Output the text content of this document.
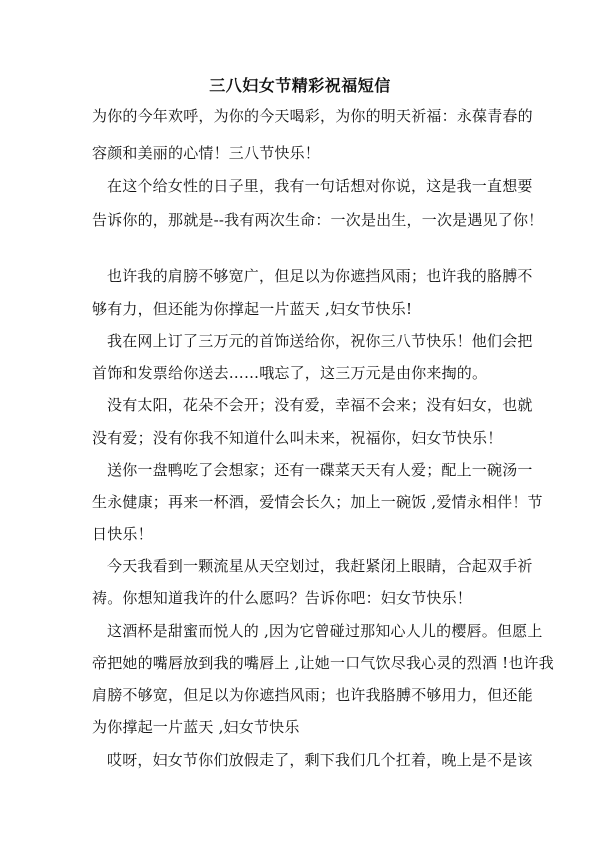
三八妇女节精彩祝福短信
为你的今年欢呼，为你的今天喝彩，为你的明天祈福：永葆青春的
容颜和美丽的心情！三八节快乐！
在这个给女性的日子里，我有一句话想对你说，这是我一直想要
告诉你的，那就是--我有两次生命：一次是出生，一次是遇见了你！
也许我的肩膀不够宽广，但足以为你遮挡风雨；也许我的胳膊不
够有力，但还能为你撑起一片蓝天 ,妇女节快乐!
我在网上订了三万元的首饰送给你，祝你三八节快乐！他们会把
首饰和发票给你送去……哦忘了，这三万元是由你来掏的。
没有太阳，花朵不会开；没有爱，幸福不会来；没有妇女，也就
没有爱；没有你我不知道什么叫未来，祝福你，妇女节快乐！
送你一盘鸭吃了会想家；还有一碟菜天天有人爱；配上一碗汤一
生永健康；再来一杯酒，爱情会长久；加上一碗饭 ,爱情永相伴！节
日快乐！
今天我看到一颗流星从天空划过，我赶紧闭上眼睛，合起双手祈
祷。你想知道我许的什么愿吗？告诉你吧：妇女节快乐！
这酒杯是甜蜜而悦人的 ,因为它曾碰过那知心人儿的樱唇。但愿上
帝把她的嘴唇放到我的嘴唇上 ,让她一口气饮尽我心灵的烈酒 !也许我
肩膀不够宽，但足以为你遮挡风雨；也许我胳膊不够用力，但还能
为你撑起一片蓝天 ,妇女节快乐
哎呀，妇女节你们放假走了，剩下我们几个扛着，晚上是不是该
